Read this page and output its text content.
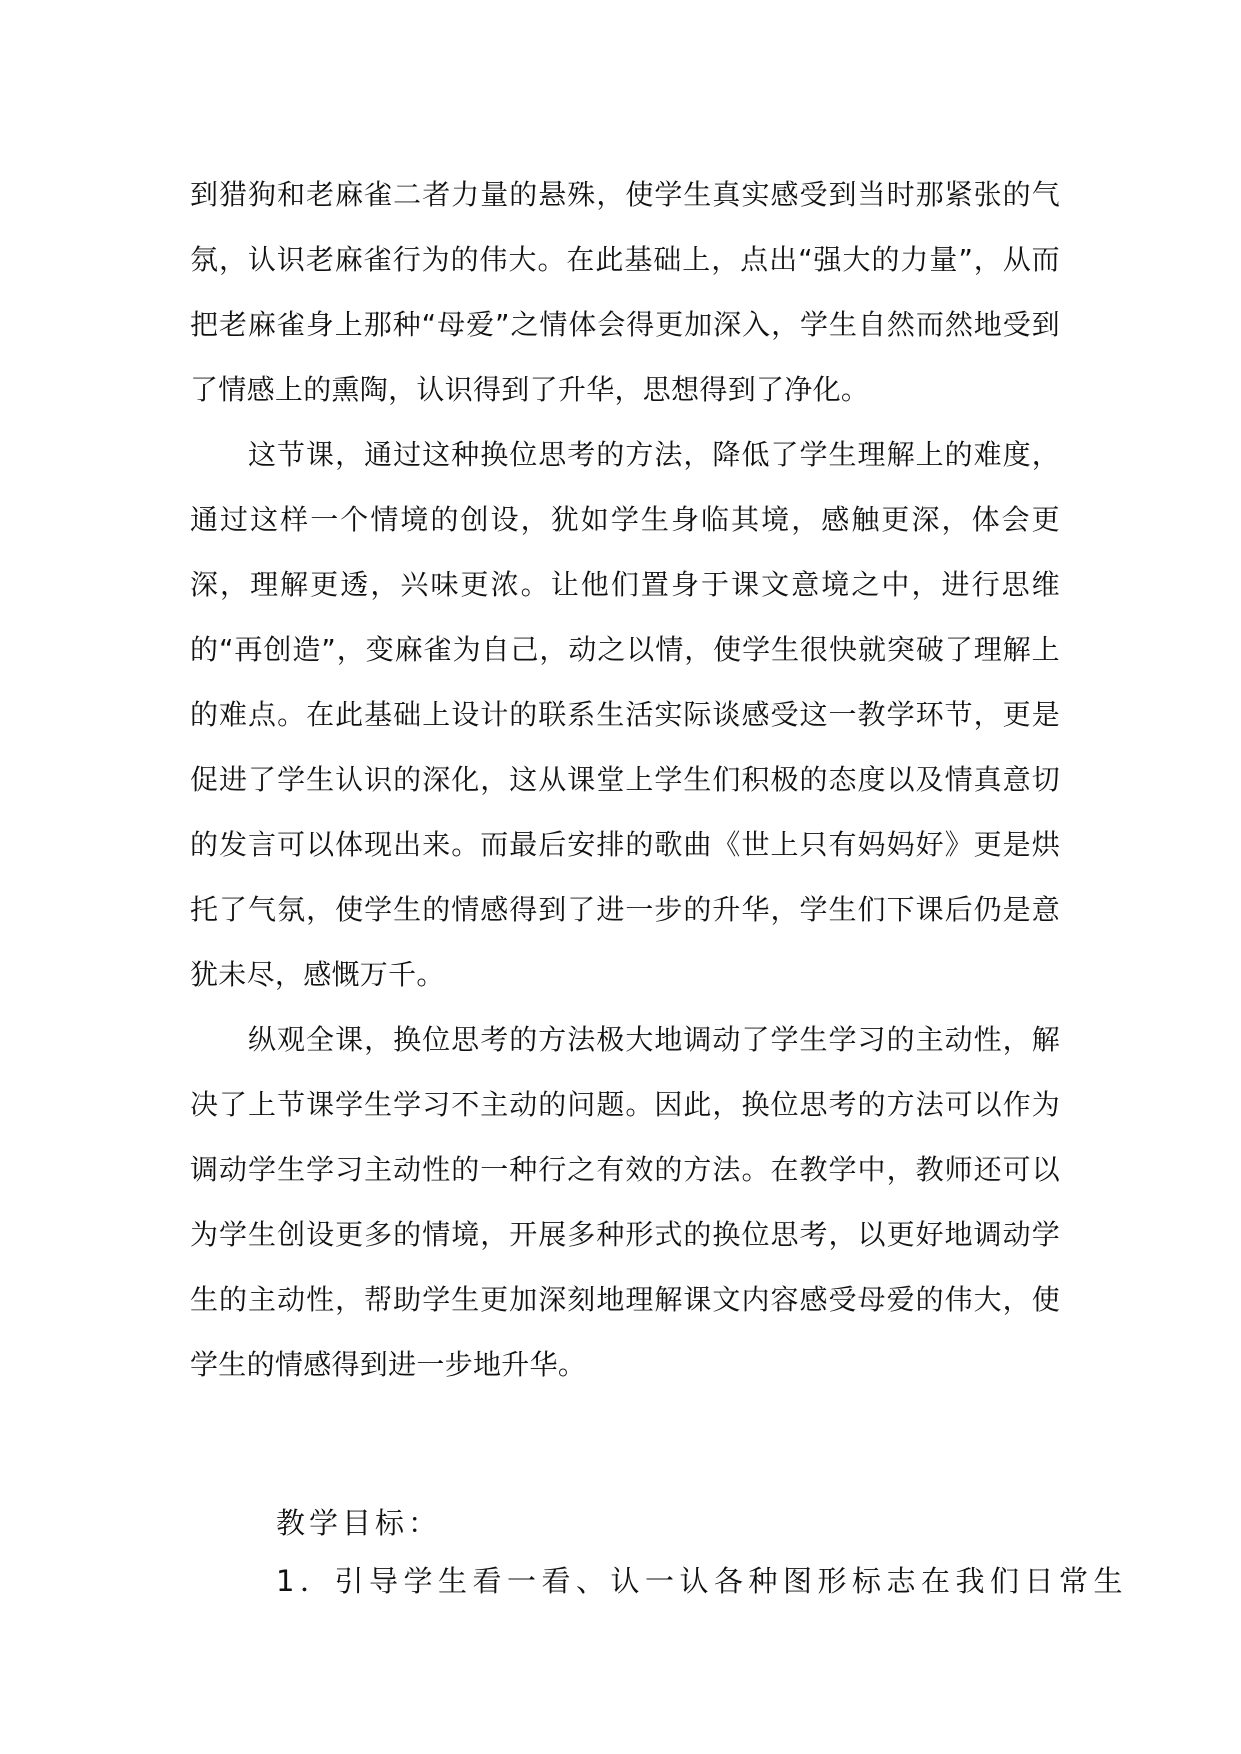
到猎狗和老麻雀二者力量的悬殊，使学生真实感受到当时那紧张的气氛，认识老麻雀行为的伟大。在此基础上，点出“强大的力量”，从而把老麻雀身上那种“母爱”之情体会得更加深入，学生自然而然地受到了情感上的熏陶，认识得到了升华，思想得到了净化。

这节课，通过这种换位思考的方法，降低了学生理解上的难度，通过这样一个情境的创设，犹如学生身临其境，感触更深，体会更深，理解更透，兴味更浓。让他们置身于课文意境之中，进行思维的“再创造”，变麻雀为自己，动之以情，使学生很快就突破了理解上的难点。在此基础上设计的联系生活实际谈感受这一教学环节，更是促进了学生认识的深化，这从课堂上学生们积极的态度以及情真意切的发言可以体现出来。而最后安排的歌曲《世上只有妈妈好》更是烘托了气氛，使学生的情感得到了进一步的升华，学生们下课后仍是意犹未尽，感慨万千。

纵观全课，换位思考的方法极大地调动了学生学习的主动性，解决了上节课学生学习不主动的问题。因此，换位思考的方法可以作为调动学生学习主动性的一种行之有效的方法。在教学中，教师还可以为学生创设更多的情境，开展多种形式的换位思考，以更好地调动学生的主动性，帮助学生更加深刻地理解课文内容感受母爱的伟大，使学生的情感得到进一步地升华。

教学目标：

1．引导学生看一看、认一认各种图形标志在我们日常生
